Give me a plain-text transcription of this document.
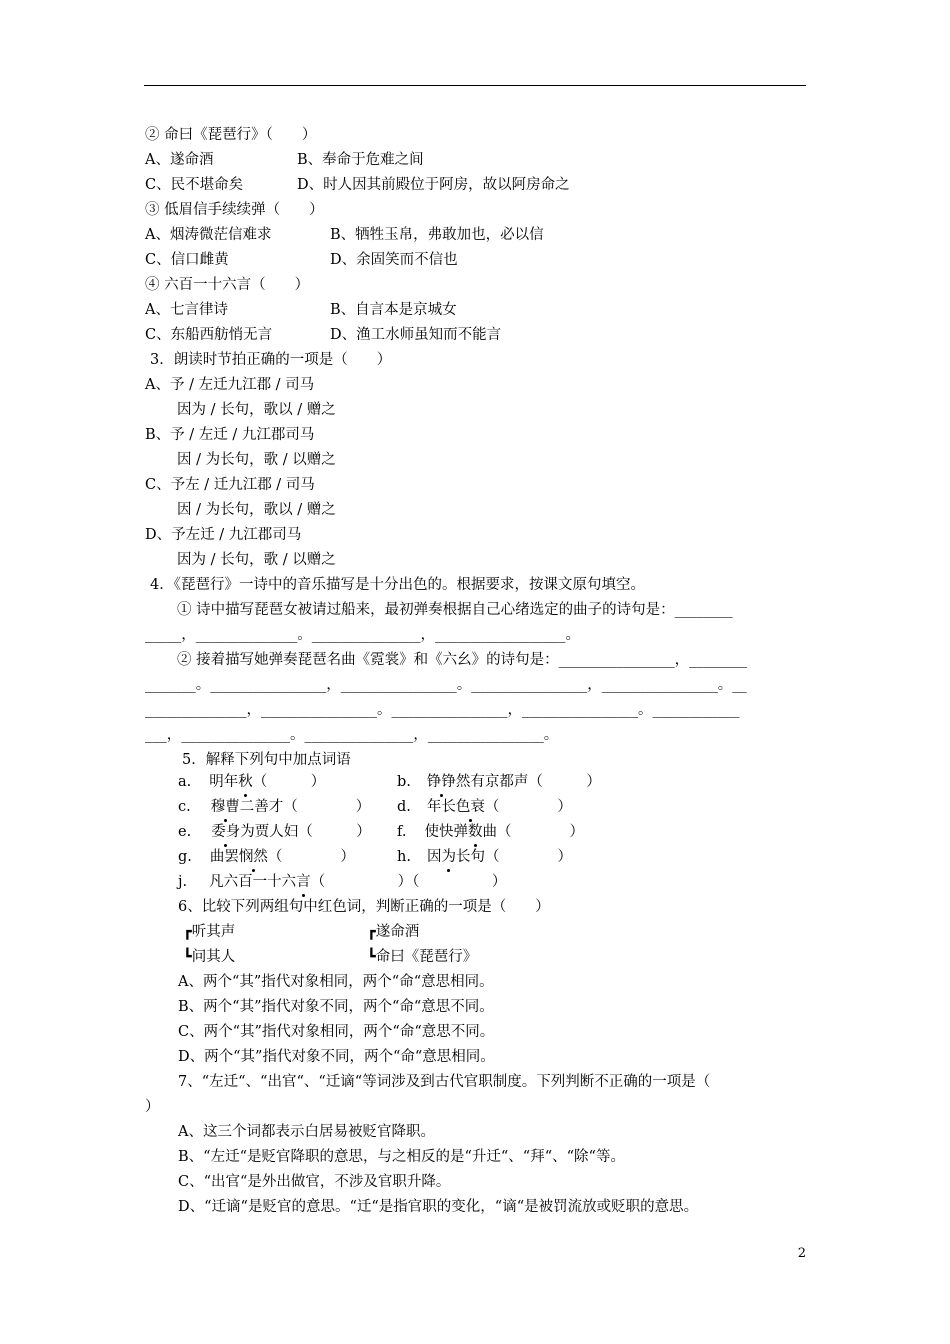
② 命曰《琵琶行》（　　）
A、遂命酒	B、奉命于危难之间
C、民不堪命矣	D、时人因其前殿位于阿房，故以阿房命之
③ 低眉信手续续弹（　　）
A、烟涛微茫信难求	B、牺牲玉帛，弗敢加也，必以信
C、信口雌黄	D、余固笑而不信也
④ 六百一十六言（　　）
A、七言律诗	B、自言本是京城女
C、东船西舫悄无言	D、渔工水师虽知而不能言
3．朗读时节拍正确的一项是（　　）
A、予 / 左迁九江郡 / 司马
因为 / 长句，歌以 / 赠之
B、予 / 左迁 / 九江郡司马
因 / 为长句，歌 / 以赠之
C、予左 / 迁九江郡 / 司马
因 / 为长句，歌以 / 赠之
D、予左迁 / 九江郡司马
因为 / 长句，歌 / 以赠之
4．《琵琶行》一诗中的音乐描写是十分出色的。根据要求，按课文原句填空。
① 诗中描写琵琶女被请过船来，最初弹奏根据自己心绪选定的曲子的诗句是：________
_____，______________。_______________，__________________。
② 接着描写她弹奏琵琶名曲《霓裳》和《六幺》的诗句是：________________，________
_______。________________，________________。________________，________________。__
______________，________________。________________，________________。____________
___，_______________。_______________，________________。
5．解释下列句中加点词语
a. 明年秋（　　　）	b. 铮铮然有京都声（　　　）
c. 穆曹二善才（　　　　） d. 年长色衰（　　　　）
e. 委身为贾人妇（　　　） f. 使快弹数曲（　　　　）
g. 曲罢悯然（　　　　）	h. 因为长句（　　　　）
j. 凡六百一十六言（　　　　　）（　　　　　）
6、比较下列两组句中红色词，判断正确的一项是（　　）
┏听其声
┗问其人
┏遂命酒
┗命曰《琵琶行》
A、两个“其”指代对象相同，两个“命“意思相同。
B、两个“其”指代对象不同，两个“命“意思不同。
C、两个“其”指代对象相同，两个“命“意思不同。
D、两个“其”指代对象不同，两个“命“意思相同。
7、“左迁“、“出官“、“迁谪“等词涉及到古代官职制度。下列判断不正确的一项是（
）
A、这三个词都表示白居易被贬官降职。
B、“左迁“是贬官降职的意思，与之相反的是“升迁“、“拜“、“除“等。
C、“出官“是外出做官，不涉及官职升降。
D、“迁谪“是贬官的意思。“迁“是指官职的变化，“谪“是被罚流放或贬职的意思。
2
